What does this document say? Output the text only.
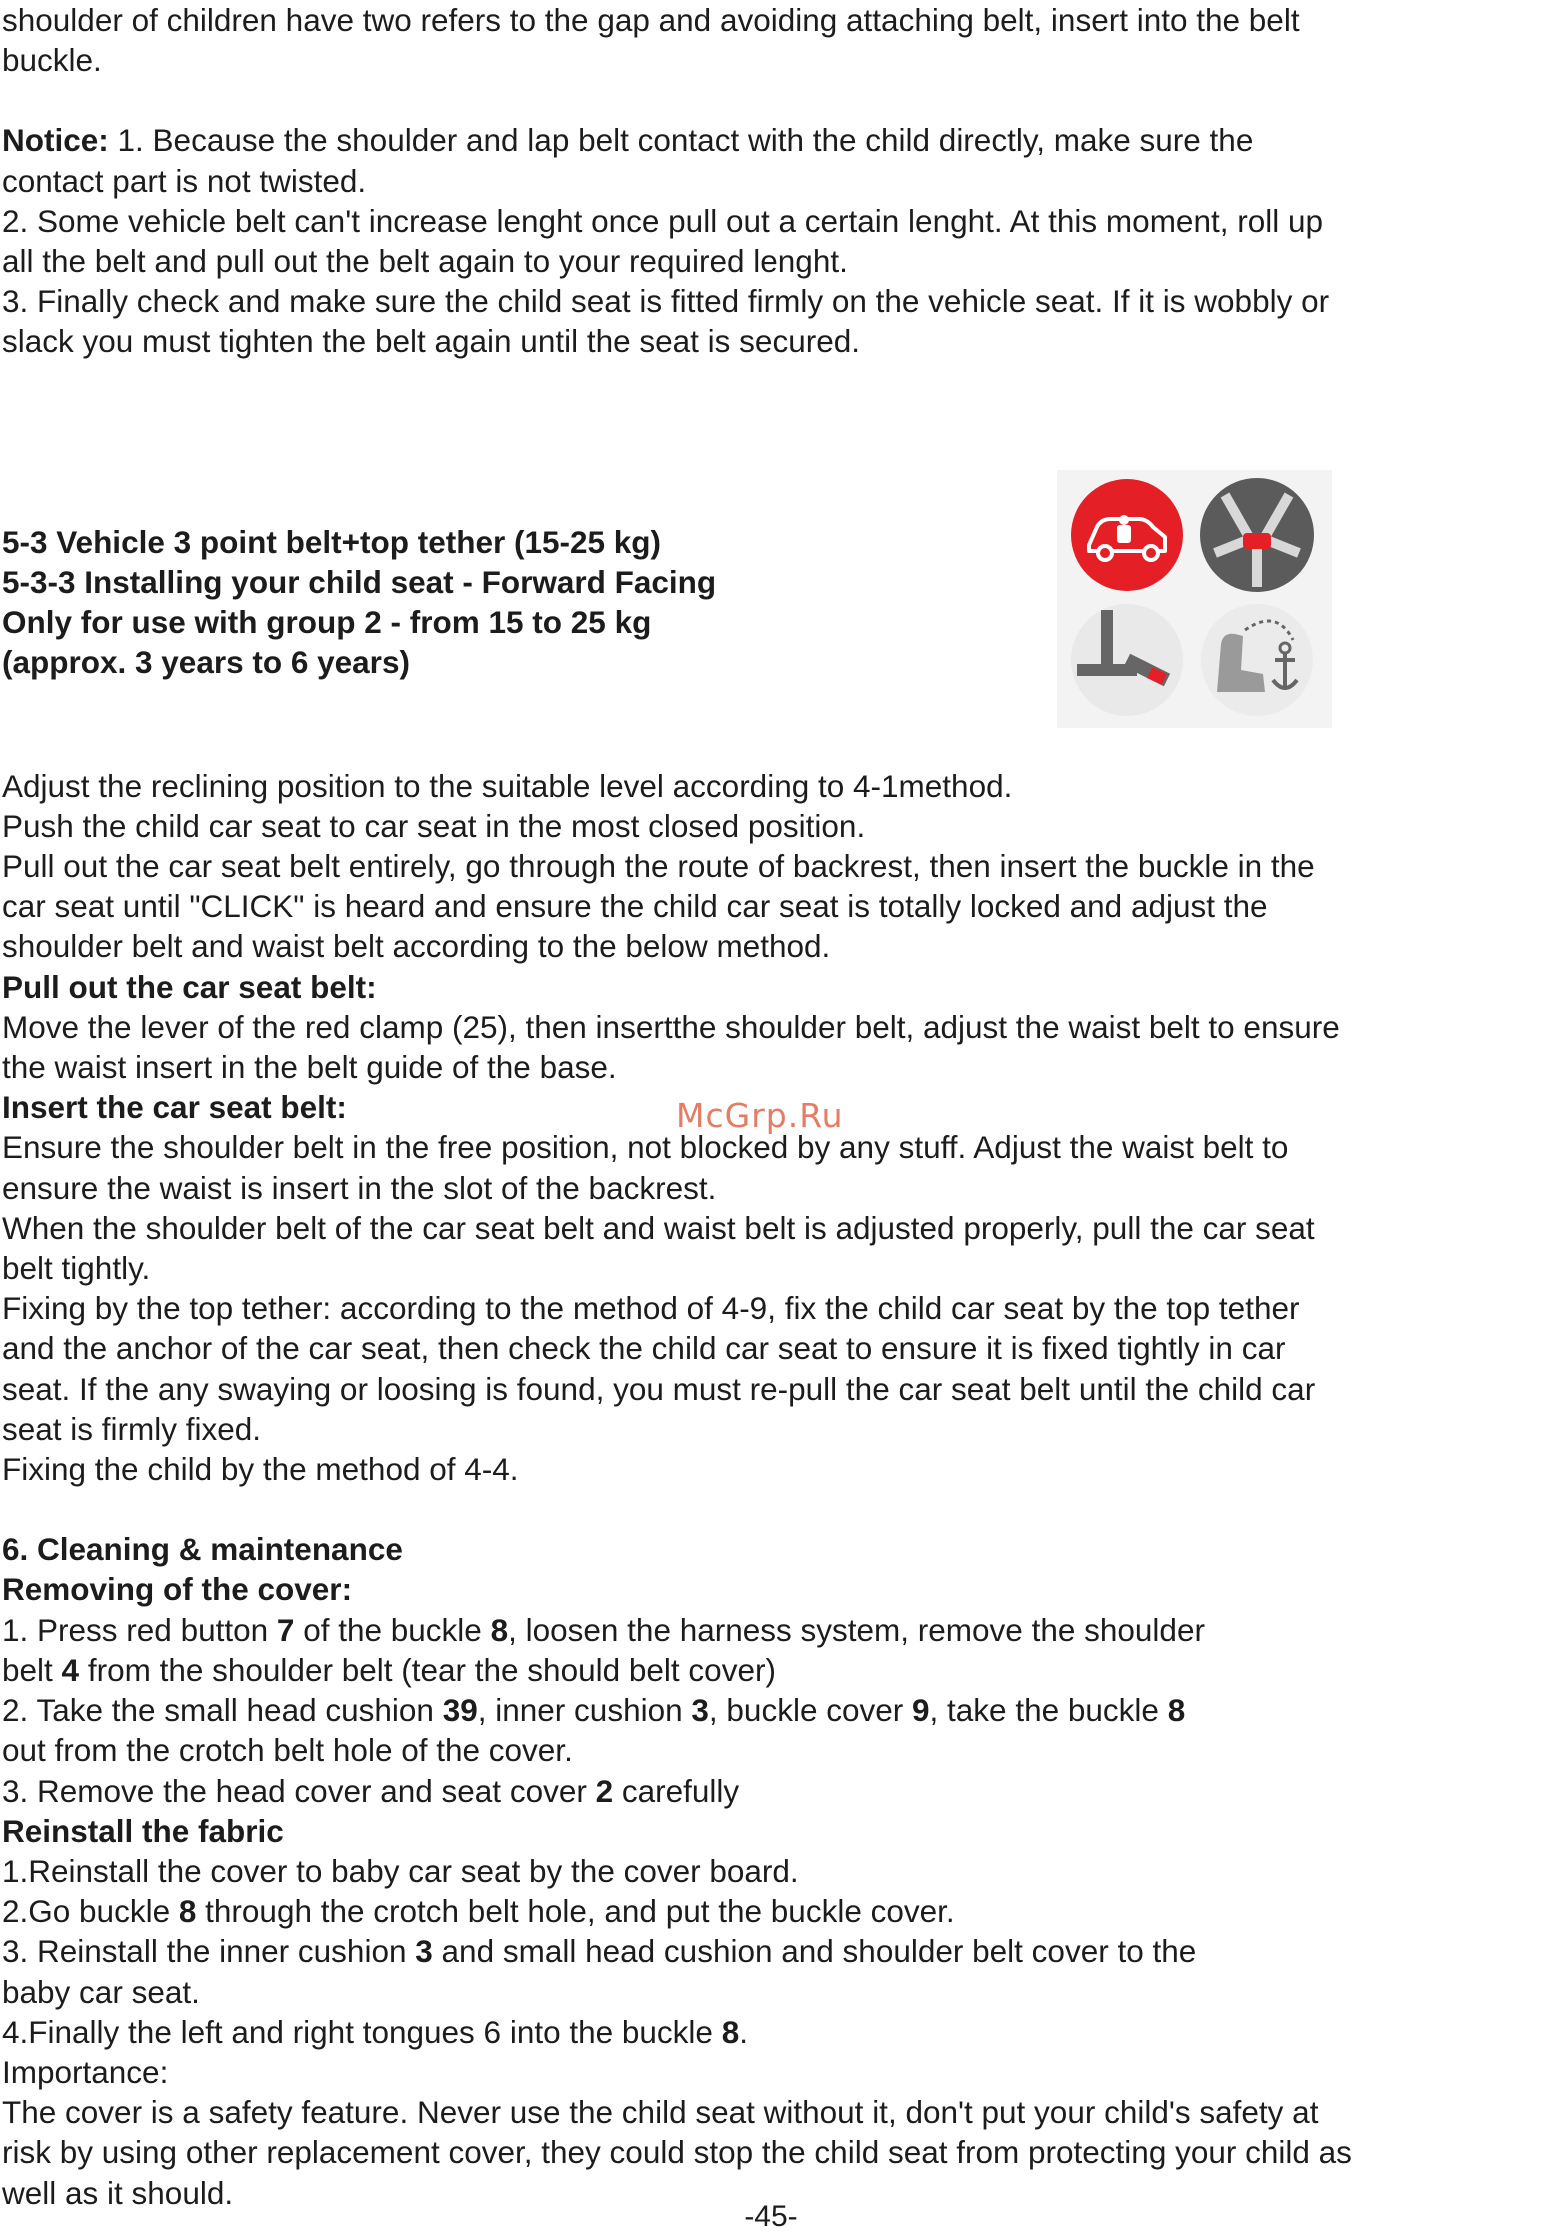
shoulder of children have two refers to the gap and avoiding attaching belt, insert into the belt

buckle.

Notice: 1. Because the shoulder and lap belt contact with the child directly, make sure the

contact part is not twisted.

2. Some vehicle belt can't increase lenght once pull out a certain lenght. At this moment, roll up

all the belt and pull out the belt again to your required lenght.

3. Finally check and make sure the child seat is fitted firmly on the vehicle seat. If it is wobbly or

slack you must tighten the belt again until the seat is secured.

5-3 Vehicle 3 point belt+top tether (15-25 kg)

5-3-3 Installing your child seat - Forward Facing

Only for use with group 2 - from 15 to 25 kg

(approx. 3 years to 6 years)

Adjust the reclining position to the suitable level according to 4-1method.

Push the child car seat to car seat in the most closed position.

Pull out the car seat belt entirely, go through the route of backrest, then insert the buckle in the

car seat until "CLICK" is heard and ensure the child car seat is totally locked and adjust the

shoulder belt and waist belt according to the below method.

Pull out the car seat belt:

Move the lever of the red clamp (25), then insertthe shoulder belt, adjust the waist belt to ensure

the waist insert in the belt guide of the base.

Insert the car seat belt:

Ensure the shoulder belt in the free position, not blocked by any stuff. Adjust the waist belt to

ensure the waist is insert in the slot of the backrest.

When the shoulder belt of the car seat belt and waist belt is adjusted properly, pull the car seat

belt tightly.

Fixing by the top tether: according to the method of 4-9, fix the child car seat by the top tether

and the anchor of the car seat, then check the child car seat to ensure it is fixed tightly in car

seat. If the any swaying or loosing is found, you must re-pull the car seat belt until the child car

seat is firmly fixed.

Fixing the child by the method of 4-4.

6. Cleaning & maintenance

Removing of the cover:

1. Press red button 7 of the buckle 8, loosen the harness system, remove the shoulder

belt 4 from the shoulder belt (tear the should belt cover)

2. Take the small head cushion 39, inner cushion 3, buckle cover 9, take the buckle 8

out from the crotch belt hole of the cover.

3. Remove the head cover and seat cover 2 carefully

Reinstall the fabric

1.Reinstall the cover to baby car seat by the cover board.

2.Go buckle 8 through the crotch belt hole, and put the buckle cover.

3. Reinstall the inner cushion 3 and small head cushion and shoulder belt cover to the

baby car seat.

4.Finally the left and right tongues 6 into the buckle 8.

Importance:

The cover is a safety feature. Never use the child seat without it, don't put your child's safety at

risk by using other replacement cover, they could stop the child seat from protecting your child as

well as it should.

McGrp.Ru
-45-
